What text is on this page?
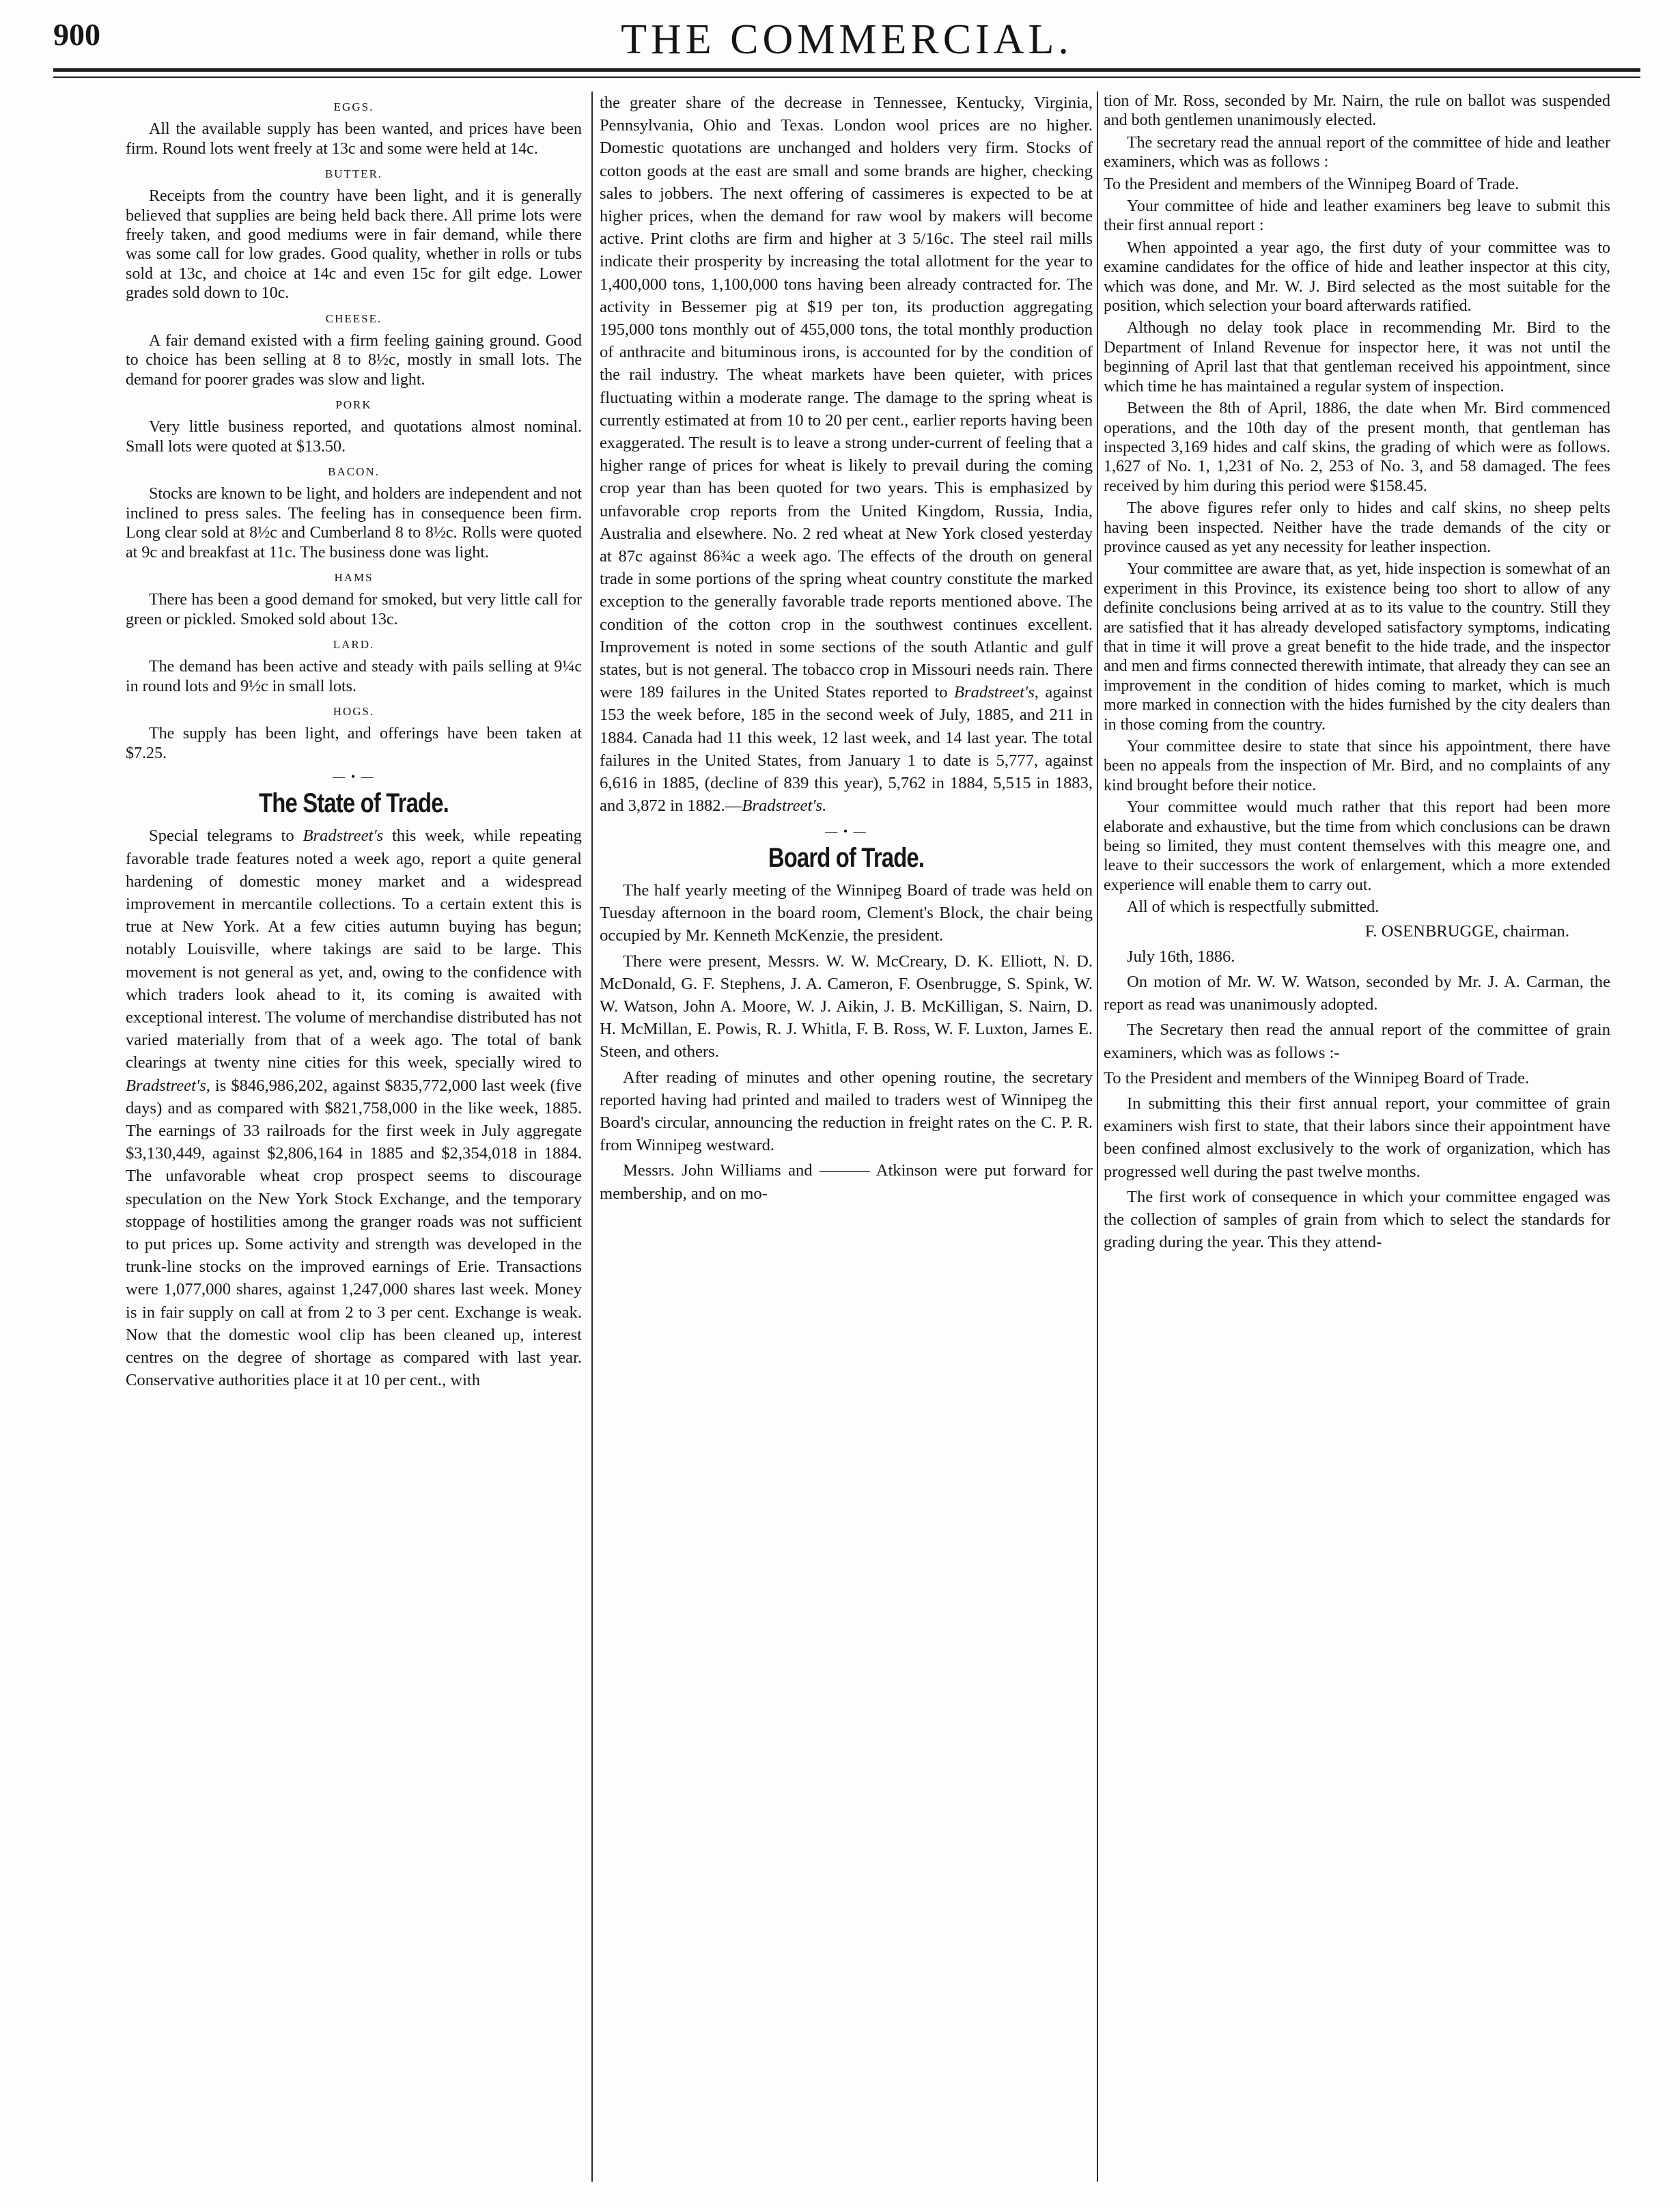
900	THE COMMERCIAL.
EGGS.

All the available supply has been wanted, and prices have been firm. Round lots went freely at 13c and some were held at 14c.

BUTTER.

Receipts from the country have been light, and it is generally believed that supplies are being held back there. All prime lots were freely taken, and good mediums were in fair demand, while there was some call for low grades. Good quality, whether in rolls or tubs sold at 13c, and choice at 14c and even 15c for gilt edge. Lower grades sold down to 10c.

CHEESE.

A fair demand existed with a firm feeling gaining ground. Good to choice has been selling at 8 to 8½c, mostly in small lots. The demand for poorer grades was slow and light.

PORK

Very little business reported, and quotations almost nominal. Small lots were quoted at $13.50.

BACON.

Stocks are known to be light, and holders are independent and not inclined to press sales. The feeling has in consequence been firm. Long clear sold at 8½c and Cumberland 8 to 8½c. Rolls were quoted at 9c and breakfast at 11c. The business done was light.

HAMS

There has been a good demand for smoked, but very little call for green or pickled. Smoked sold about 13c.

LARD.

The demand has been active and steady with pails selling at 9¼c in round lots and 9½c in small lots.

HOGS.

The supply has been light, and offerings have been taken at $7.25.

— • —
The State of Trade.

Special telegrams to Bradstreet's this week, while repeating favorable trade features noted a week ago, report a quite general hardening of domestic money market and a widespread improvement in mercantile collections. To a certain extent this is true at New York. At a few cities autumn buying has begun; notably Louisville, where takings are said to be large. This movement is not general as yet, and, owing to the confidence with which traders look ahead to it, its coming is awaited with exceptional interest. The volume of merchandise distributed has not varied materially from that of a week ago. The total of bank clearings at twenty nine cities for this week, specially wired to Bradstreet's, is $846,986,202, against $835,772,000 last week (five days) and as compared with $821,758,000 in the like week, 1885. The earnings of 33 railroads for the first week in July aggregate $3,130,449, against $2,806,164 in 1885 and $2,354,018 in 1884. The unfavorable wheat crop prospect seems to discourage speculation on the New York Stock Exchange, and the temporary stoppage of hostilities among the granger roads was not sufficient to put prices up. Some activity and strength was developed in the trunk-line stocks on the improved earnings of Erie. Transactions were 1,077,000 shares, against 1,247,000 shares last week. Money is in fair supply on call at from 2 to 3 per cent. Exchange is weak. Now that the domestic wool clip has been cleaned up, interest centres on the degree of shortage as compared with last year. Conservative authorities place it at 10 per cent., with

the greater share of the decrease in Tennessee, Kentucky, Virginia, Pennsylvania, Ohio and Texas. London wool prices are no higher. Domestic quotations are unchanged and holders very firm. Stocks of cotton goods at the east are small and some brands are higher, checking sales to jobbers. The next offering of cassimeres is expected to be at higher prices, when the demand for raw wool by makers will become active. Print cloths are firm and higher at 3 5/16c. The steel rail mills indicate their prosperity by increasing the total allotment for the year to 1,400,000 tons, 1,100,000 tons having been already contracted for. The activity in Bessemer pig at $19 per ton, its production aggregating 195,000 tons monthly out of 455,000 tons, the total monthly production of anthracite and bituminous irons, is accounted for by the condition of the rail industry. The wheat markets have been quieter, with prices fluctuating within a moderate range. The damage to the spring wheat is currently estimated at from 10 to 20 per cent., earlier reports having been exaggerated. The result is to leave a strong under-current of feeling that a higher range of prices for wheat is likely to prevail during the coming crop year than has been quoted for two years. This is emphasized by unfavorable crop reports from the United Kingdom, Russia, India, Australia and elsewhere. No. 2 red wheat at New York closed yesterday at 87c against 86¾c a week ago. The effects of the drouth on general trade in some portions of the spring wheat country constitute the marked exception to the generally favorable trade reports mentioned above. The condition of the cotton crop in the southwest continues excellent. Improvement is noted in some sections of the south Atlantic and gulf states, but is not general. The tobacco crop in Missouri needs rain. There were 189 failures in the United States reported to Bradstreet's, against 153 the week before, 185 in the second week of July, 1885, and 211 in 1884. Canada had 11 this week, 12 last week, and 14 last year. The total failures in the United States, from January 1 to date is 5,777, against 6,616 in 1885, (decline of 839 this year), 5,762 in 1884, 5,515 in 1883, and 3,872 in 1882.—Bradstreet's.

— • —
Board of Trade.

The half yearly meeting of the Winnipeg Board of trade was held on Tuesday afternoon in the board room, Clement's Block, the chair being occupied by Mr. Kenneth McKenzie, the president.

There were present, Messrs. W. W. McCreary, D. K. Elliott, N. D. McDonald, G. F. Stephens, J. A. Cameron, F. Osenbrugge, S. Spink, W. W. Watson, John A. Moore, W. J. Aikin, J. B. McKilligan, S. Nairn, D. H. McMillan, E. Powis, R. J. Whitla, F. B. Ross, W. F. Luxton, James E. Steen, and others.

After reading of minutes and other opening routine, the secretary reported having had printed and mailed to traders west of Winnipeg the Board's circular, announcing the reduction in freight rates on the C. P. R. from Winnipeg westward.

Messrs. John Williams and ——— Atkinson were put forward for membership, and on mo-

tion of Mr. Ross, seconded by Mr. Nairn, the rule on ballot was suspended and both gentlemen unanimously elected.

The secretary read the annual report of the committee of hide and leather examiners, which was as follows :

To the President and members of the Winnipeg Board of Trade.

Your committee of hide and leather examiners beg leave to submit this their first annual report :

When appointed a year ago, the first duty of your committee was to examine candidates for the office of hide and leather inspector at this city, which was done, and Mr. W. J. Bird selected as the most suitable for the position, which selection your board afterwards ratified.

Although no delay took place in recommending Mr. Bird to the Department of Inland Revenue for inspector here, it was not until the beginning of April last that that gentleman received his appointment, since which time he has maintained a regular system of inspection.

Between the 8th of April, 1886, the date when Mr. Bird commenced operations, and the 10th day of the present month, that gentleman has inspected 3,169 hides and calf skins, the grading of which were as follows. 1,627 of No. 1, 1,231 of No. 2, 253 of No. 3, and 58 damaged. The fees received by him during this period were $158.45.

The above figures refer only to hides and calf skins, no sheep pelts having been inspected. Neither have the trade demands of the city or province caused as yet any necessity for leather inspection.

Your committee are aware that, as yet, hide inspection is somewhat of an experiment in this Province, its existence being too short to allow of any definite conclusions being arrived at as to its value to the country. Still they are satisfied that it has already developed satisfactory symptoms, indicating that in time it will prove a great benefit to the hide trade, and the inspector and men and firms connected therewith intimate, that already they can see an improvement in the condition of hides coming to market, which is much more marked in connection with the hides furnished by the city dealers than in those coming from the country.

Your committee desire to state that since his appointment, there have been no appeals from the inspection of Mr. Bird, and no complaints of any kind brought before their notice.

Your committee would much rather that this report had been more elaborate and exhaustive, but the time from which conclusions can be drawn being so limited, they must content themselves with this meagre one, and leave to their successors the work of enlargement, which a more extended experience will enable them to carry out.

All of which is respectfully submitted.

F. OSENBRUGGE, chairman.

July 16th, 1886.

On motion of Mr. W. W. Watson, seconded by Mr. J. A. Carman, the report as read was unanimously adopted.

The Secretary then read the annual report of the committee of grain examiners, which was as follows :-

To the President and members of the Winnipeg Board of Trade.

In submitting this their first annual report, your committee of grain examiners wish first to state, that their labors since their appointment have been confined almost exclusively to the work of organization, which has progressed well during the past twelve months.

The first work of consequence in which your committee engaged was the collection of samples of grain from which to select the standards for grading during the year. This they attend-
